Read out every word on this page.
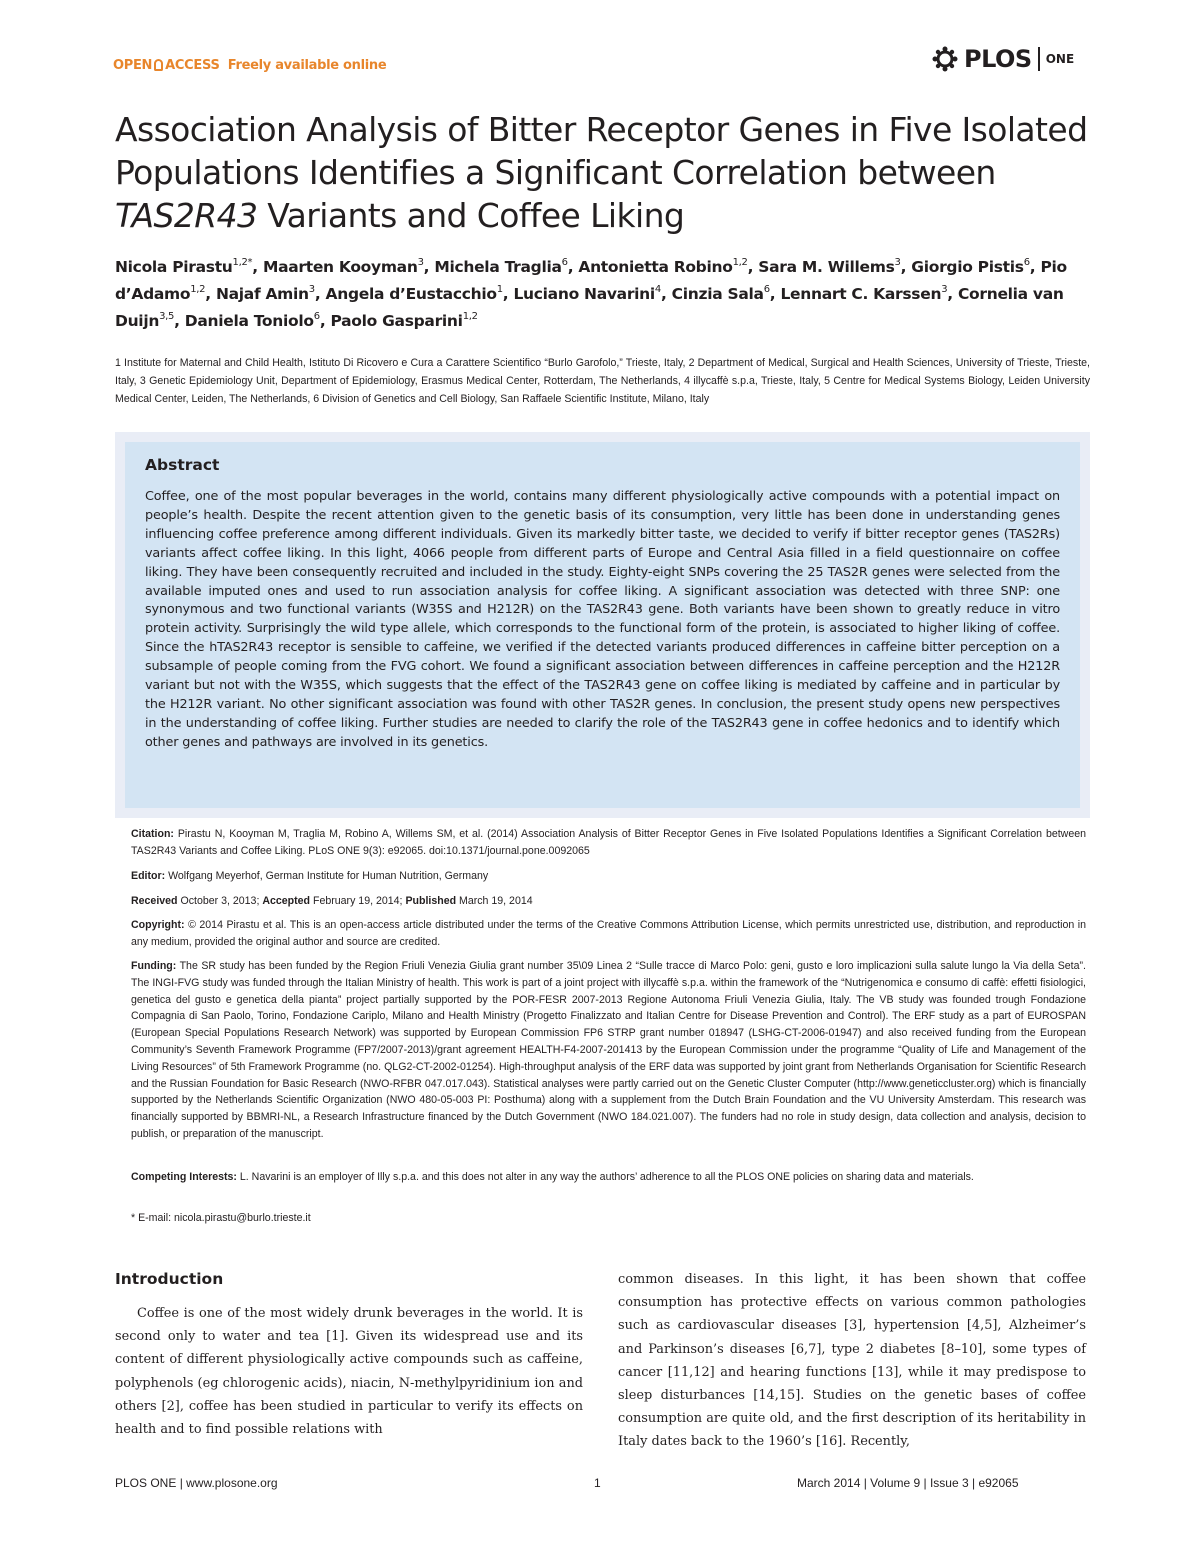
OPEN ACCESS Freely available online	PLOS ONE
Association Analysis of Bitter Receptor Genes in Five Isolated Populations Identifies a Significant Correlation between TAS2R43 Variants and Coffee Liking
Nicola Pirastu$^{1,2*}$, Maarten Kooyman$^3$, Michela Traglia$^6$, Antonietta Robino$^{1,2}$, Sara M. Willems$^3$, Giorgio Pistis$^6$, Pio d’Adamo$^{1,2}$, Najaf Amin$^3$, Angela d’Eustacchio$^1$, Luciano Navarini$^4$, Cinzia Sala$^6$, Lennart C. Karssen$^3$, Cornelia van Duijn$^{3,5}$, Daniela Toniolo$^6$, Paolo Gasparini$^{1,2}$

1 Institute for Maternal and Child Health, Istituto Di Ricovero e Cura a Carattere Scientifico “Burlo Garofolo,” Trieste, Italy, 2 Department of Medical, Surgical and Health Sciences, University of Trieste, Trieste, Italy, 3 Genetic Epidemiology Unit, Department of Epidemiology, Erasmus Medical Center, Rotterdam, The Netherlands, 4 illycaffè s.p.a, Trieste, Italy, 5 Centre for Medical Systems Biology, Leiden University Medical Center, Leiden, The Netherlands, 6 Division of Genetics and Cell Biology, San Raffaele Scientific Institute, Milano, Italy

Abstract

Coffee, one of the most popular beverages in the world, contains many different physiologically active compounds with a potential impact on people’s health. Despite the recent attention given to the genetic basis of its consumption, very little has been done in understanding genes influencing coffee preference among different individuals. Given its markedly bitter taste, we decided to verify if bitter receptor genes (TAS2Rs) variants affect coffee liking. In this light, 4066 people from different parts of Europe and Central Asia filled in a field questionnaire on coffee liking. They have been consequently recruited and included in the study. Eighty-eight SNPs covering the 25 TAS2R genes were selected from the available imputed ones and used to run association analysis for coffee liking. A significant association was detected with three SNP: one synonymous and two functional variants (W35S and H212R) on the TAS2R43 gene. Both variants have been shown to greatly reduce in vitro protein activity. Surprisingly the wild type allele, which corresponds to the functional form of the protein, is associated to higher liking of coffee. Since the hTAS2R43 receptor is sensible to caffeine, we verified if the detected variants produced differences in caffeine bitter perception on a subsample of people coming from the FVG cohort. We found a significant association between differences in caffeine perception and the H212R variant but not with the W35S, which suggests that the effect of the TAS2R43 gene on coffee liking is mediated by caffeine and in particular by the H212R variant. No other significant association was found with other TAS2R genes. In conclusion, the present study opens new perspectives in the understanding of coffee liking. Further studies are needed to clarify the role of the TAS2R43 gene in coffee hedonics and to identify which other genes and pathways are involved in its genetics.

Citation: Pirastu N, Kooyman M, Traglia M, Robino A, Willems SM, et al. (2014) Association Analysis of Bitter Receptor Genes in Five Isolated Populations Identifies a Significant Correlation between TAS2R43 Variants and Coffee Liking. PLoS ONE 9(3): e92065. doi:10.1371/journal.pone.0092065

Editor: Wolfgang Meyerhof, German Institute for Human Nutrition, Germany

Received October 3, 2013; Accepted February 19, 2014; Published March 19, 2014

Copyright: © 2014 Pirastu et al. This is an open-access article distributed under the terms of the Creative Commons Attribution License, which permits unrestricted use, distribution, and reproduction in any medium, provided the original author and source are credited.

Funding: The SR study has been funded by the Region Friuli Venezia Giulia grant number 35\09 Linea 2 “Sulle tracce di Marco Polo: geni, gusto e loro implicazioni sulla salute lungo la Via della Seta”. The INGI-FVG study was funded through the Italian Ministry of health. This work is part of a joint project with illycaffè s.p.a. within the framework of the “Nutrigenomica e consumo di caffè: effetti fisiologici, genetica del gusto e genetica della pianta” project partially supported by the POR-FESR 2007-2013 Regione Autonoma Friuli Venezia Giulia, Italy. The VB study was founded trough Fondazione Compagnia di San Paolo, Torino, Fondazione Cariplo, Milano and Health Ministry (Progetto Finalizzato and Italian Centre for Disease Prevention and Control). The ERF study as a part of EUROSPAN (European Special Populations Research Network) was supported by European Commission FP6 STRP grant number 018947 (LSHG-CT-2006-01947) and also received funding from the European Community’s Seventh Framework Programme (FP7/2007-2013)/grant agreement HEALTH-F4-2007-201413 by the European Commission under the programme “Quality of Life and Management of the Living Resources” of 5th Framework Programme (no. QLG2-CT-2002-01254). High-throughput analysis of the ERF data was supported by joint grant from Netherlands Organisation for Scientific Research and the Russian Foundation for Basic Research (NWO-RFBR 047.017.043). Statistical analyses were partly carried out on the Genetic Cluster Computer (http://www.geneticcluster.org) which is financially supported by the Netherlands Scientific Organization (NWO 480-05-003 PI: Posthuma) along with a supplement from the Dutch Brain Foundation and the VU University Amsterdam. This research was financially supported by BBMRI-NL, a Research Infrastructure financed by the Dutch Government (NWO 184.021.007). The funders had no role in study design, data collection and analysis, decision to publish, or preparation of the manuscript.

Competing Interests: L. Navarini is an employer of Illy s.p.a. and this does not alter in any way the authors’ adherence to all the PLOS ONE policies on sharing data and materials.

* E-mail: nicola.pirastu@burlo.trieste.it

Introduction

Coffee is one of the most widely drunk beverages in the world. It is second only to water and tea [1]. Given its widespread use and its content of different physiologically active compounds such as caffeine, polyphenols (eg chlorogenic acids), niacin, N-methylpyridinium ion and others [2], coffee has been studied in particular to verify its effects on health and to find possible relations with

common diseases. In this light, it has been shown that coffee consumption has protective effects on various common pathologies such as cardiovascular diseases [3], hypertension [4,5], Alzheimer’s and Parkinson’s diseases [6,7], type 2 diabetes [8–10], some types of cancer [11,12] and hearing functions [13], while it may predispose to sleep disturbances [14,15]. Studies on the genetic bases of coffee consumption are quite old, and the first description of its heritability in Italy dates back to the 1960’s [16]. Recently,

PLOS ONE | www.plosone.org	1	March 2014 | Volume 9 | Issue 3 | e92065
